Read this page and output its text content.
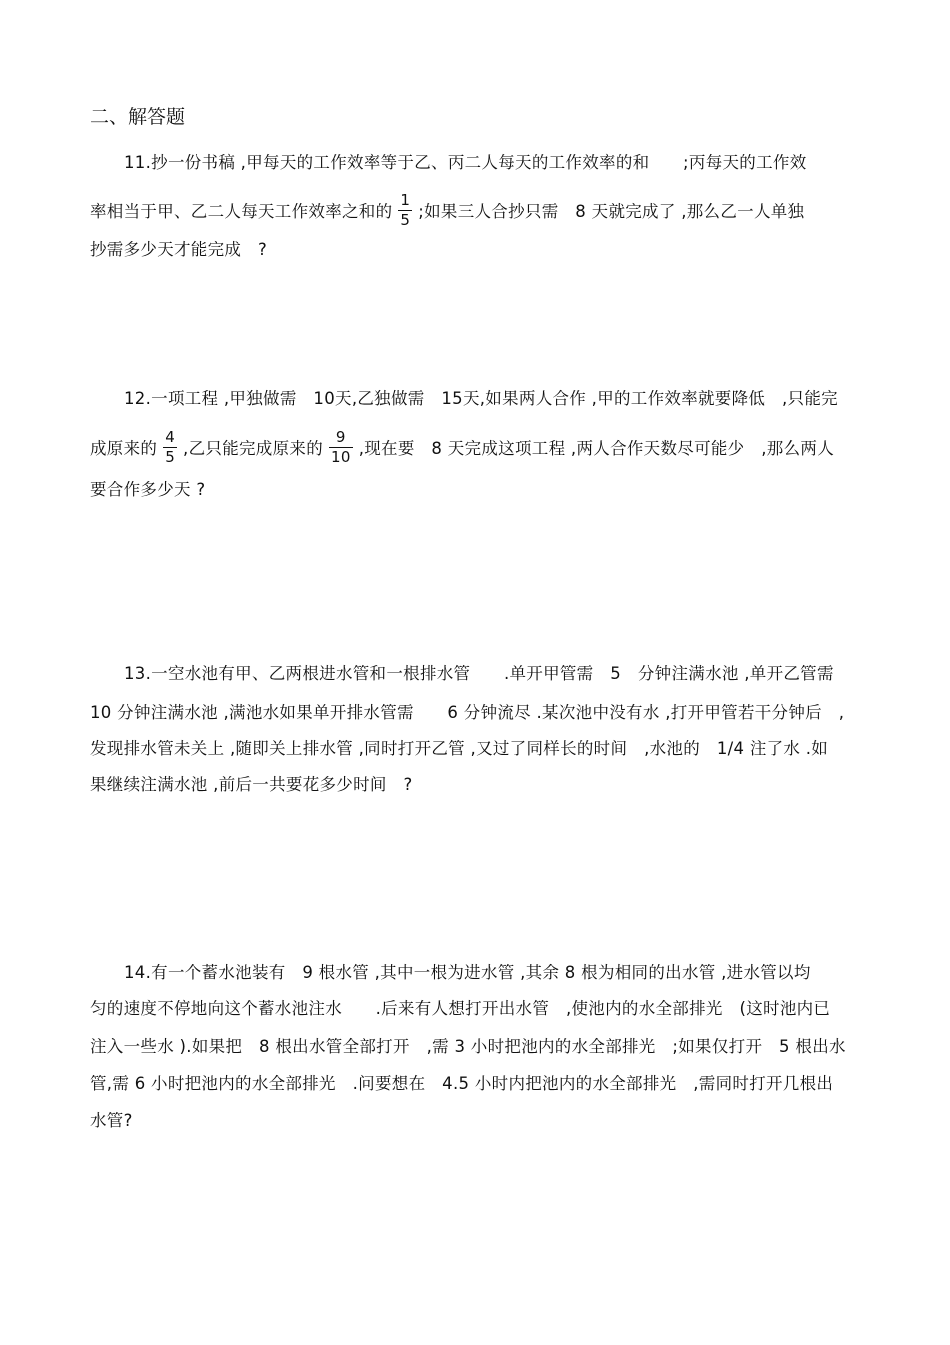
二、解答题
11.抄一份书稿 ,甲每天的工作效率等于乙、丙二人每天的工作效率的和　　;丙每天的工作效
率相当于甲、乙二人每天工作效率之和的 $\frac{1}{5}$ ;如果三人合抄只需　8 天就完成了 ,那么乙一人单独
抄需多少天才能完成　?
12.一项工程 ,甲独做需　10天,乙独做需　15天,如果两人合作 ,甲的工作效率就要降低　,只能完
成原来的 $\frac{4}{5}$ ,乙只能完成原来的 $\frac{9}{10}$ ,现在要　8 天完成这项工程 ,两人合作天数尽可能少　,那么两人
要合作多少天 ?
13.一空水池有甲、乙两根进水管和一根排水管　　.单开甲管需　5　分钟注满水池 ,单开乙管需
10 分钟注满水池 ,满池水如果单开排水管需　　6 分钟流尽 .某次池中没有水 ,打开甲管若干分钟后　,
发现排水管未关上 ,随即关上排水管 ,同时打开乙管 ,又过了同样长的时间　,水池的　1/4 注了水 .如
果继续注满水池 ,前后一共要花多少时间　?
14.有一个蓄水池装有　9 根水管 ,其中一根为进水管 ,其余 8 根为相同的出水管 ,进水管以均
匀的速度不停地向这个蓄水池注水　　.后来有人想打开出水管　,使池内的水全部排光　(这时池内已
注入一些水 ).如果把　8 根出水管全部打开　,需 3 小时把池内的水全部排光　;如果仅打开　5 根出水
管,需 6 小时把池内的水全部排光　.问要想在　4.5 小时内把池内的水全部排光　,需同时打开几根出
水管?
